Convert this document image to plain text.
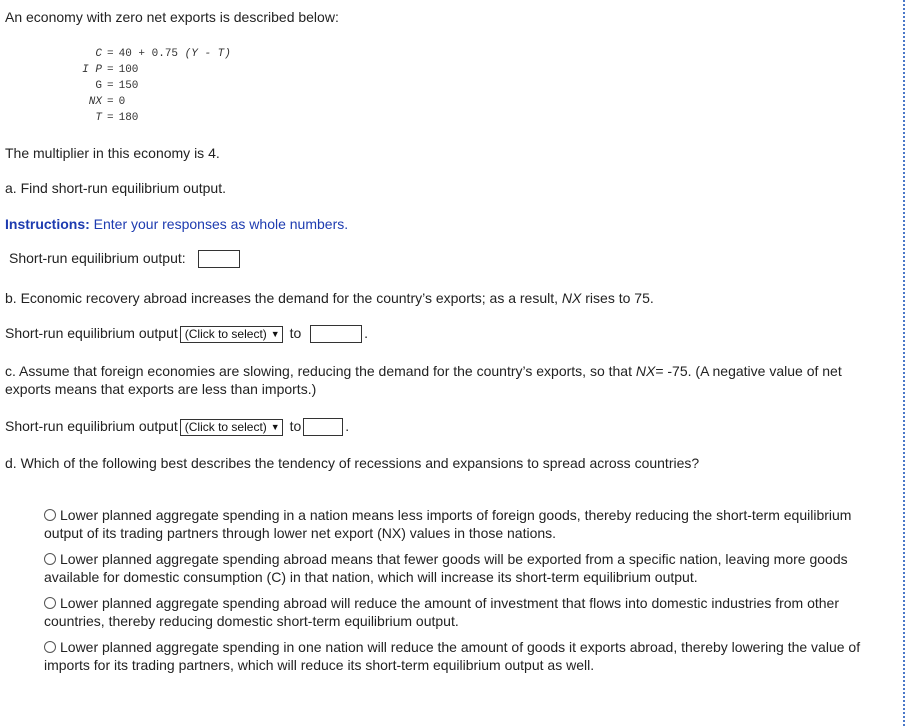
An economy with zero net exports is described below:
C = 40 + 0.75 (Y - T)
I P = 100
G = 150
NX = 0
T = 180
The multiplier in this economy is 4.
a. Find short-run equilibrium output.
Instructions: Enter your responses as whole numbers.
Short-run equilibrium output:
b. Economic recovery abroad increases the demand for the country’s exports; as a result, NX rises to 75.
Short-run equilibrium output (Click to select) ▼ to	.
c. Assume that foreign economies are slowing, reducing the demand for the country’s exports, so that NX= -75. (A negative value of net exports means that exports are less than imports.)
Short-run equilibrium output (Click to select) ▼ to	.
d. Which of the following best describes the tendency of recessions and expansions to spread across countries?
Lower planned aggregate spending in a nation means less imports of foreign goods, thereby reducing the short-term equilibrium output of its trading partners through lower net export (NX) values in those nations.
Lower planned aggregate spending abroad means that fewer goods will be exported from a specific nation, leaving more goods available for domestic consumption (C) in that nation, which will increase its short-term equilibrium output.
Lower planned aggregate spending abroad will reduce the amount of investment that flows into domestic industries from other countries, thereby reducing domestic short-term equilibrium output.
Lower planned aggregate spending in one nation will reduce the amount of goods it exports abroad, thereby lowering the value of imports for its trading partners, which will reduce its short-term equilibrium output as well.
